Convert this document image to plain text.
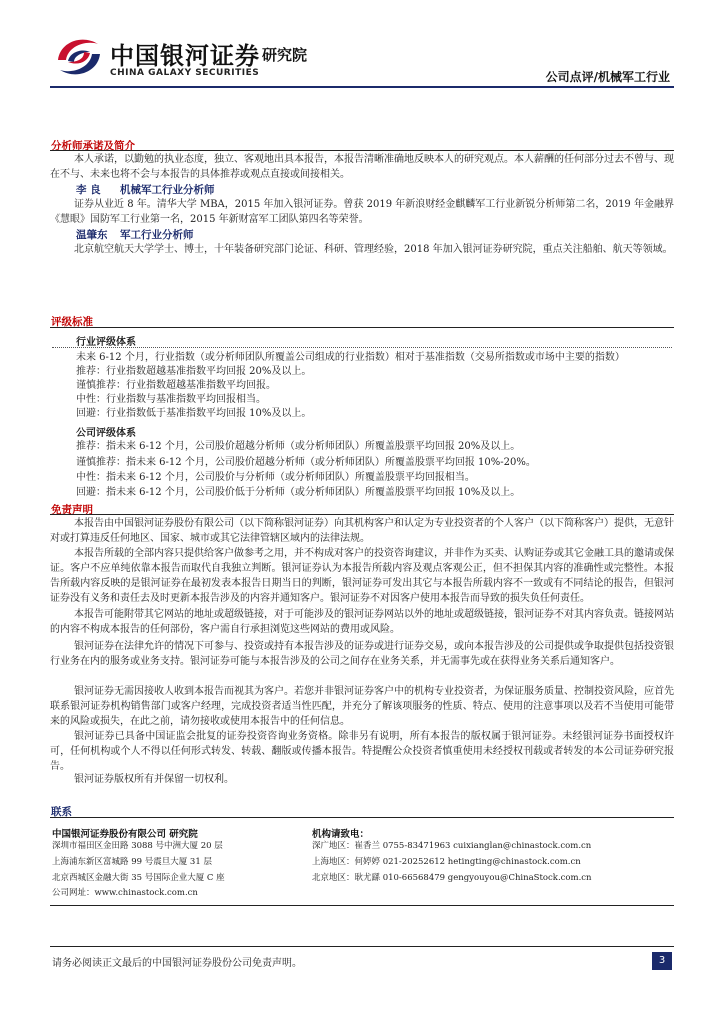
中国银河证券
CHINA GALAXY SECURITIES
研究院
公司点评/机械军工行业
分析师承诺及简介
本人承诺，以勤勉的执业态度，独立、客观地出具本报告，本报告清晰准确地反映本人的研究观点。本人薪酬的任何部分过去不曾与、现在不与、未来也将不会与本报告的具体推荐或观点直接或间接相关。
李 良 机械军工行业分析师
证券从业近 8 年。清华大学 MBA，2015 年加入银河证券。曾获 2019 年新浪财经金麒麟军工行业新锐分析师第二名，2019 年金融界《慧眼》国防军工行业第一名，2015 年新财富军工团队第四名等荣誉。
温肇东 军工行业分析师
北京航空航天大学学士、博士，十年装备研究部门论证、科研、管理经验，2018 年加入银河证券研究院，重点关注船舶、航天等领域。
评级标准
行业评级体系
未来 6-12 个月，行业指数（或分析师团队所覆盖公司组成的行业指数）相对于基准指数（交易所指数或市场中主要的指数）
推荐：行业指数超越基准指数平均回报 20%及以上。
谨慎推荐：行业指数超越基准指数平均回报。
中性：行业指数与基准指数平均回报相当。
回避：行业指数低于基准指数平均回报 10%及以上。
公司评级体系
推荐：指未来 6-12 个月，公司股价超越分析师（或分析师团队）所覆盖股票平均回报 20%及以上。
谨慎推荐：指未来 6-12 个月，公司股价超越分析师（或分析师团队）所覆盖股票平均回报 10%-20%。
中性：指未来 6-12 个月，公司股价与分析师（或分析师团队）所覆盖股票平均回报相当。
回避：指未来 6-12 个月，公司股价低于分析师（或分析师团队）所覆盖股票平均回报 10%及以上。
免责声明
本报告由中国银河证券股份有限公司（以下简称银河证券）向其机构客户和认定为专业投资者的个人客户（以下简称客户）提供，无意针对或打算违反任何地区、国家、城市或其它法律管辖区域内的法律法规。
本报告所载的全部内容只提供给客户做参考之用，并不构成对客户的投资咨询建议，并非作为买卖、认购证券或其它金融工具的邀请或保证。客户不应单纯依靠本报告而取代自我独立判断。银河证券认为本报告所载内容及观点客观公正，但不担保其内容的准确性或完整性。本报告所载内容反映的是银河证券在最初发表本报告日期当日的判断，银河证券可发出其它与本报告所载内容不一致或有不同结论的报告，但银河证券没有义务和责任去及时更新本报告涉及的内容并通知客户。银河证券不对因客户使用本报告而导致的损失负任何责任。
本报告可能附带其它网站的地址或超级链接，对于可能涉及的银河证券网站以外的地址或超级链接，银河证券不对其内容负责。链接网站的内容不构成本报告的任何部份，客户需自行承担浏览这些网站的费用或风险。
银河证券在法律允许的情况下可参与、投资或持有本报告涉及的证券或进行证券交易，或向本报告涉及的公司提供或争取提供包括投资银行业务在内的服务或业务支持。银河证券可能与本报告涉及的公司之间存在业务关系，并无需事先或在获得业务关系后通知客户。
银河证券无需因接收人收到本报告而视其为客户。若您并非银河证券客户中的机构专业投资者，为保证服务质量、控制投资风险，应首先联系银河证券机构销售部门或客户经理，完成投资者适当性匹配，并充分了解该项服务的性质、特点、使用的注意事项以及若不当使用可能带来的风险或损失，在此之前，请勿接收或使用本报告中的任何信息。
银河证券已具备中国证监会批复的证券投资咨询业务资格。除非另有说明，所有本报告的版权属于银河证券。未经银河证券书面授权许可，任何机构或个人不得以任何形式转发、转载、翻版或传播本报告。特提醒公众投资者慎重使用未经授权刊载或者转发的本公司证券研究报告。
银河证券版权所有并保留一切权利。
联系
中国银河证券股份有限公司 研究院
深圳市福田区金田路 3088 号中洲大厦 20 层
上海浦东新区富城路 99 号震旦大厦 31 层
北京西城区金融大街 35 号国际企业大厦 C 座
公司网址：www.chinastock.com.cn
机构请致电：
深广地区：崔香兰 0755-83471963 cuixianglan@chinastock.com.cn
上海地区：何婷婷 021-20252612 hetingting@chinastock.com.cn
北京地区：耿尤繇 010-66568479 gengyouyou@ChinaStock.com.cn
请务必阅读正文最后的中国银河证券股份公司免责声明。	3
